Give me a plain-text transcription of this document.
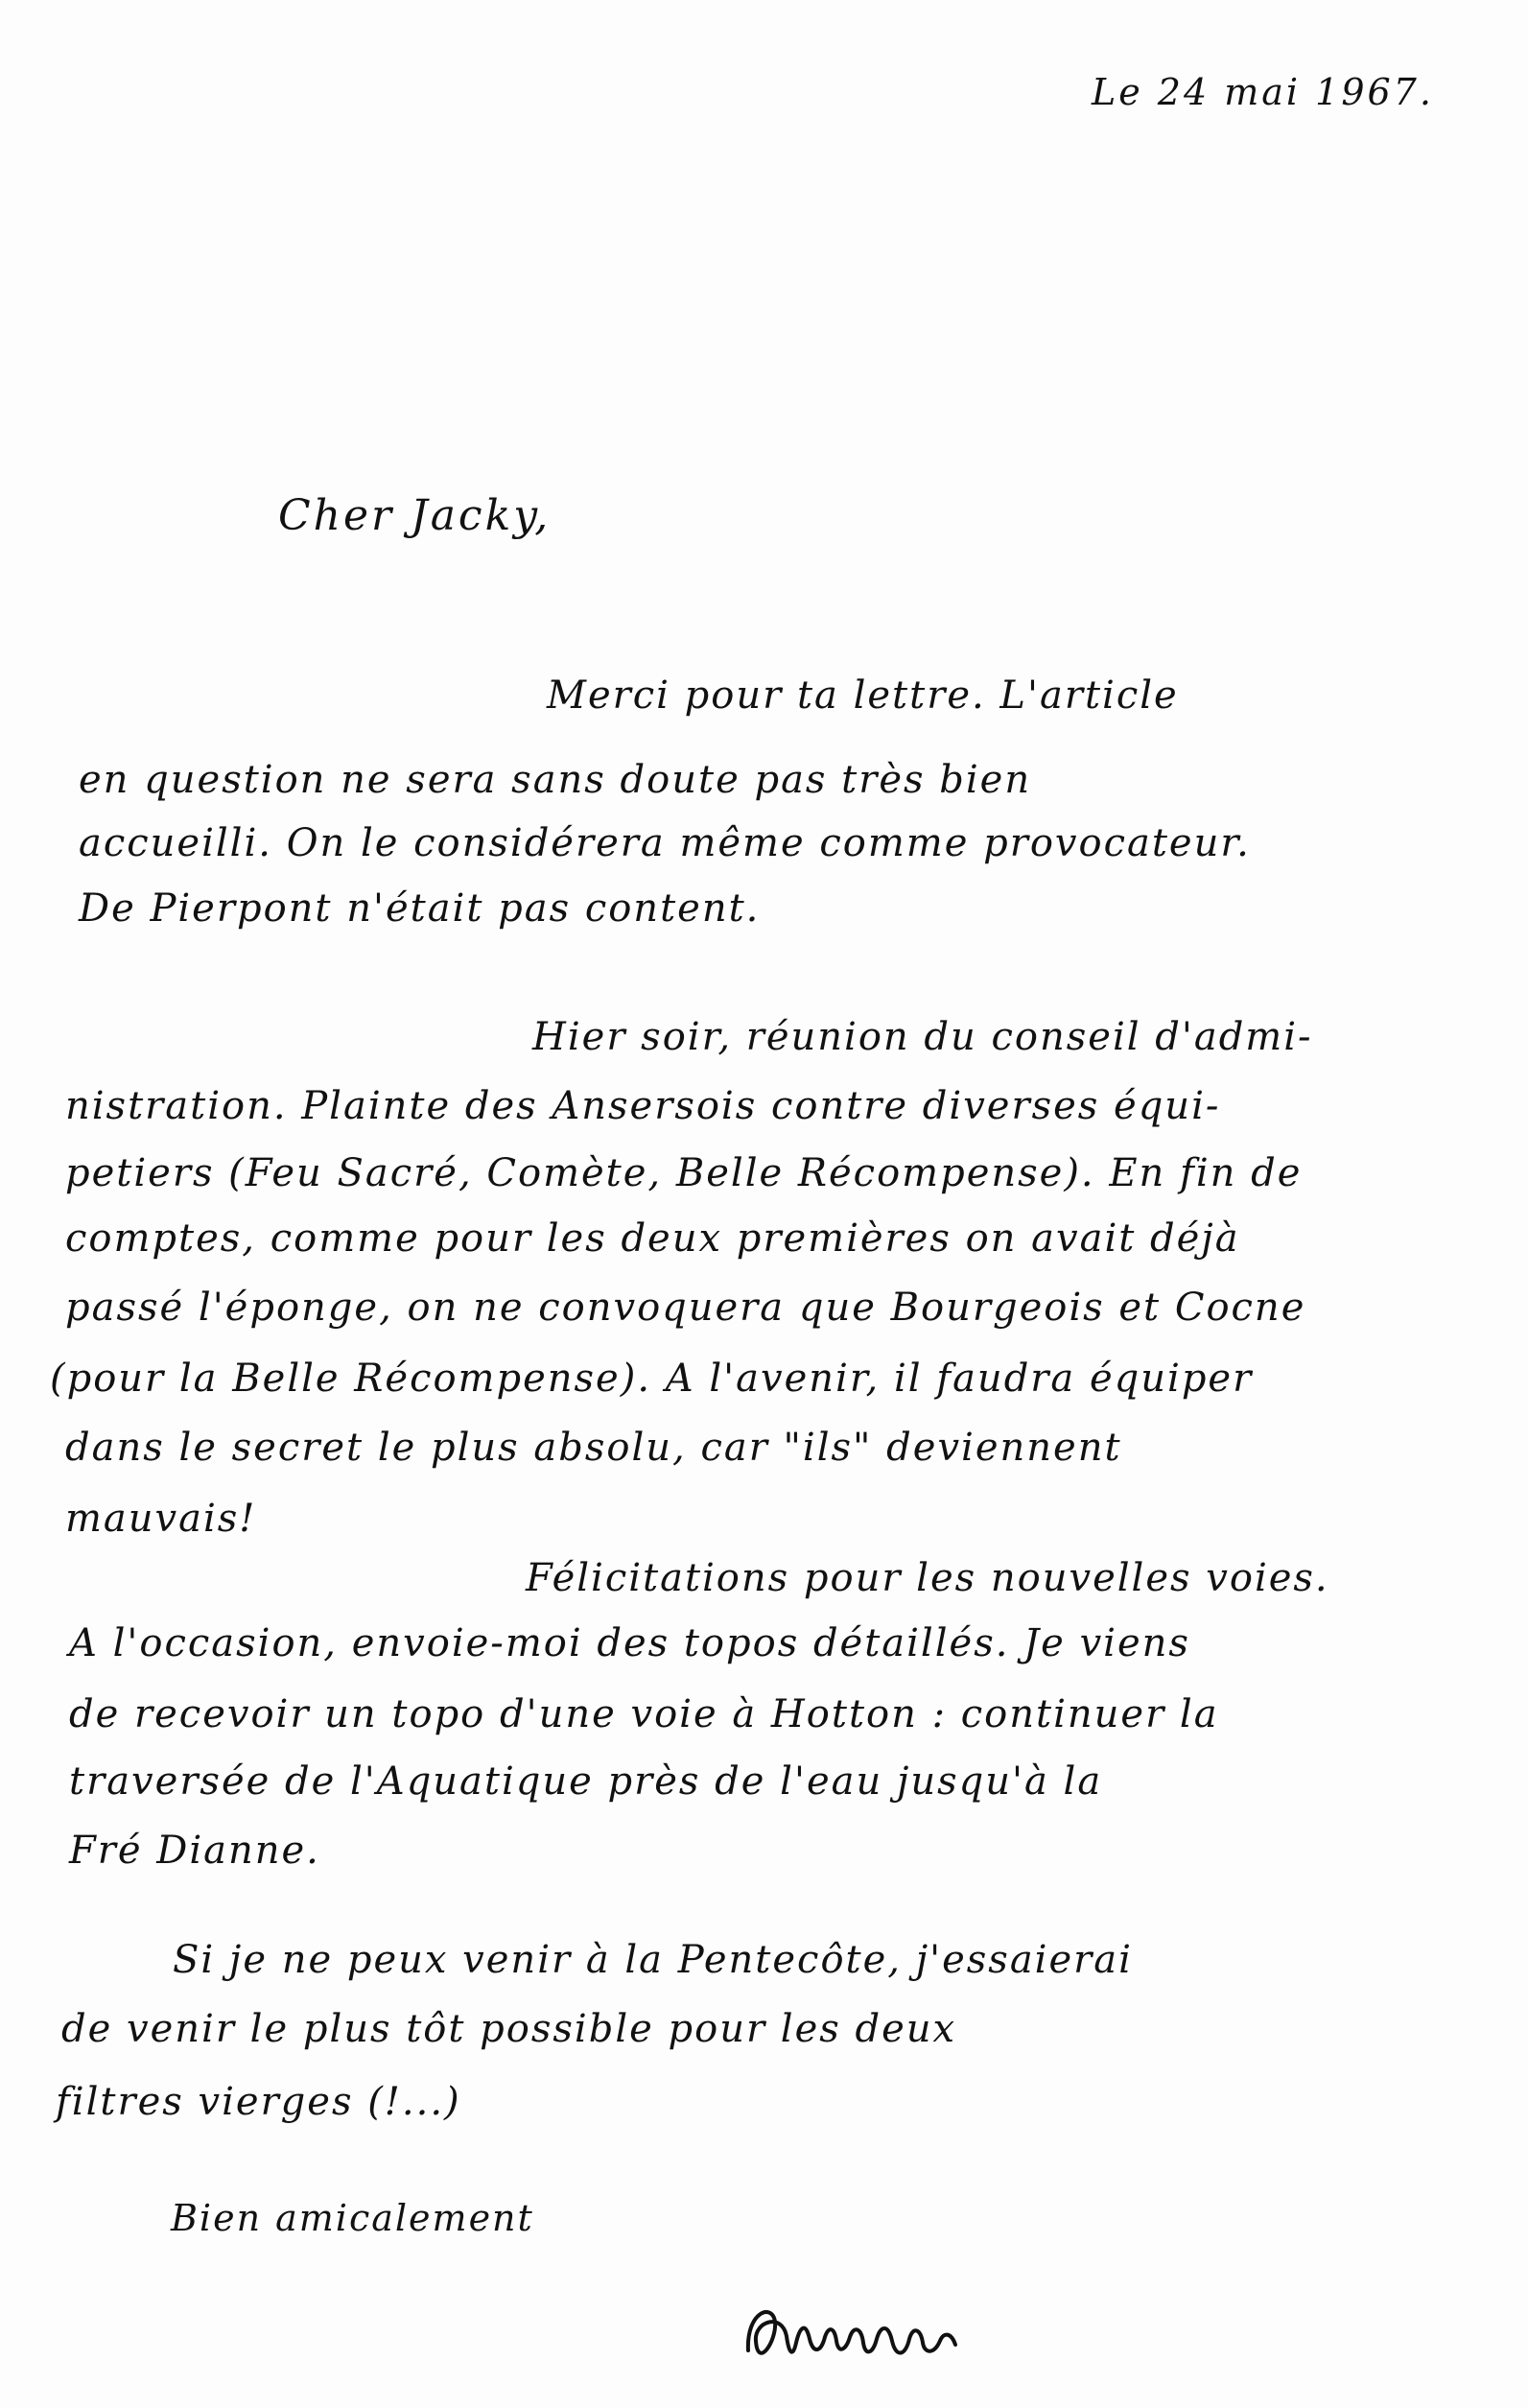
Le 24 mai 1967.
Cher Jacky,
Merci pour ta lettre. L'article
en question ne sera sans doute pas très bien
accueilli. On le considérera même comme provocateur.
De Pierpont n'était pas content.
Hier soir, réunion du conseil d'admi-
nistration. Plainte des Ansersois contre diverses équi-
petiers (Feu Sacré, Comète, Belle Récompense). En fin de
comptes, comme pour les deux premières on avait déjà
passé l'éponge, on ne convoquera que Bourgeois et Cocne
(pour la Belle Récompense). A l'avenir, il faudra équiper
dans le secret le plus absolu, car "ils" deviennent
mauvais!
Félicitations pour les nouvelles voies.
A l'occasion, envoie-moi des topos détaillés. Je viens
de recevoir un topo d'une voie à Hotton : continuer la
traversée de l'Aquatique près de l'eau jusqu'à la
Fré Dianne.
Si je ne peux venir à la Pentecôte, j'essaierai
de venir le plus tôt possible pour les deux
filtres vierges (!...)
Bien amicalement
